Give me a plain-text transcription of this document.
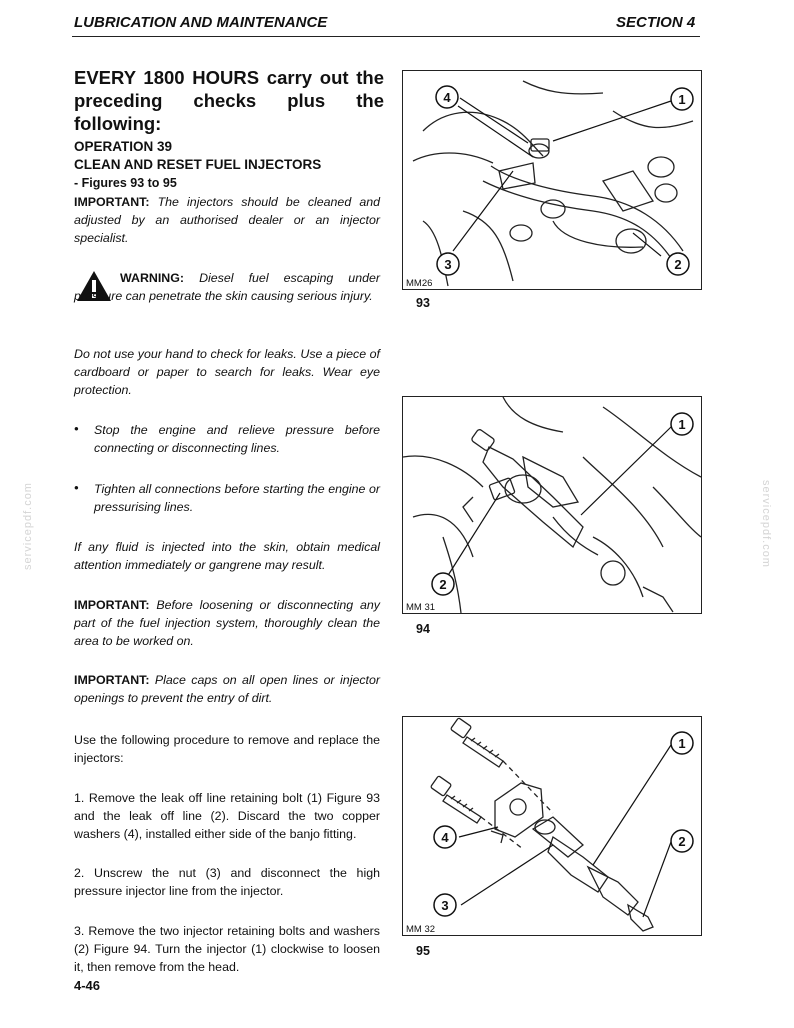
LUBRICATION AND MAINTENANCE	SECTION 4
servicepdf.com	servicepdf.com
EVERY 1800 HOURS carry out the preceding checks plus the following:
OPERATION 39
CLEAN AND RESET FUEL INJECTORS
- Figures 93 to 95
IMPORTANT: The injectors should be cleaned and adjusted by an authorised dealer or an injector specialist.
WARNING: Diesel fuel escaping under pressure can penetrate the skin causing serious injury.
Do not use your hand to check for leaks. Use a piece of cardboard or paper to search for leaks. Wear eye protection.
• Stop the engine and relieve pressure before connecting or disconnecting lines.
• Tighten all connections before starting the engine or pressurising lines.
If any fluid is injected into the skin, obtain medical attention immediately or gangrene may result.
IMPORTANT: Before loosening or disconnecting any part of the fuel injection system, thoroughly clean the area to be worked on.
IMPORTANT: Place caps on all open lines or injector openings to prevent the entry of dirt.
Use the following procedure to remove and replace the injectors:
1. Remove the leak off line retaining bolt (1) Figure 93 and the leak off line (2). Discard the two copper washers (4), installed either side of the banjo fitting.
2. Unscrew the nut (3) and disconnect the high pressure injector line from the injector.
3. Remove the two injector retaining bolts and washers (2) Figure 94. Turn the injector (1) clockwise to loosen it, then remove from the head.
4-46
4	1
3	2
MM26
93
1
2
MM 31
94
1
4	2
3
MM 32
95
